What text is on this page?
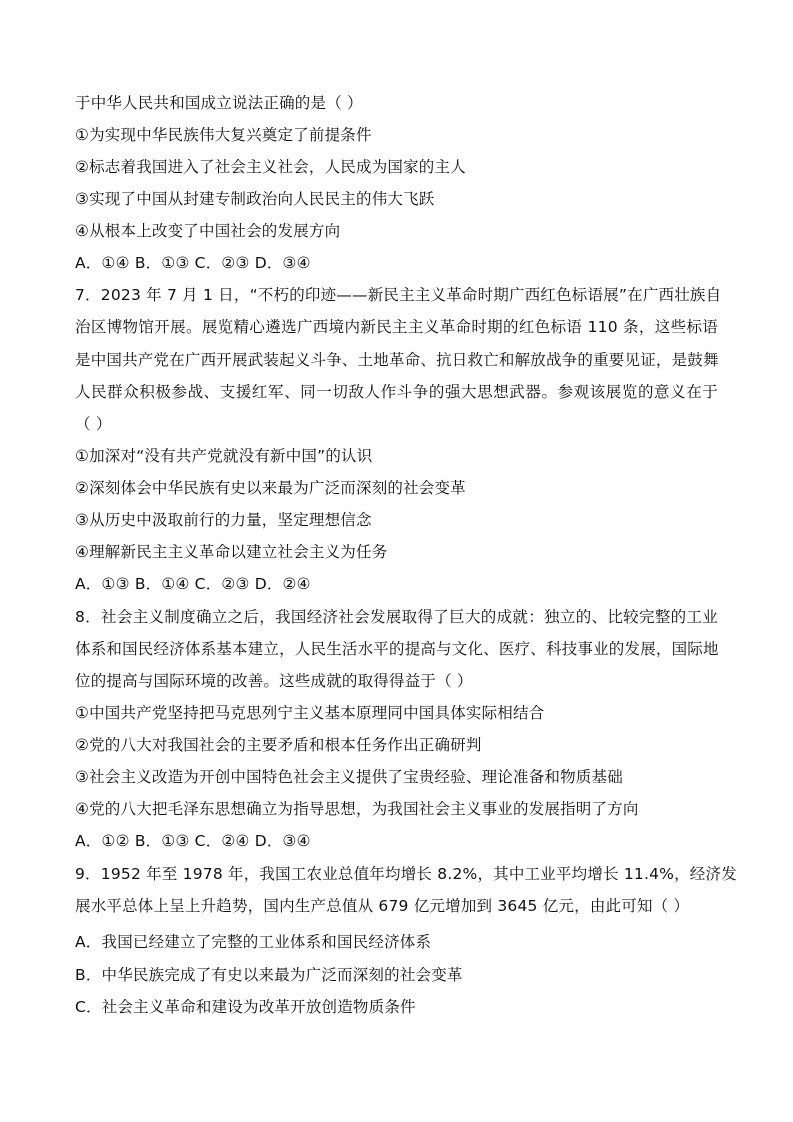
于中华人民共和国成立说法正确的是（ ）
①为实现中华民族伟大复兴奠定了前提条件
②标志着我国进入了社会主义社会，人民成为国家的主人
③实现了中国从封建专制政治向人民民主的伟大飞跃
④从根本上改变了中国社会的发展方向
A．①④ B．①③ C．②③ D．③④
7．2023 年 7 月 1 日，“不朽的印迹——新民主主义革命时期广西红色标语展”在广西壮族自
治区博物馆开展。展览精心遴选广西境内新民主主义革命时期的红色标语 110 条，这些标语
是中国共产党在广西开展武装起义斗争、土地革命、抗日救亡和解放战争的重要见证，是鼓舞
人民群众积极参战、支援红军、同一切敌人作斗争的强大思想武器。参观该展览的意义在于
（ ）
①加深对“没有共产党就没有新中国”的认识
②深刻体会中华民族有史以来最为广泛而深刻的社会变革
③从历史中汲取前行的力量，坚定理想信念
④理解新民主主义革命以建立社会主义为任务
A．①③ B．①④ C．②③ D．②④
8．社会主义制度确立之后，我国经济社会发展取得了巨大的成就：独立的、比较完整的工业
体系和国民经济体系基本建立，人民生活水平的提高与文化、医疗、科技事业的发展，国际地
位的提高与国际环境的改善。这些成就的取得得益于（ ）
①中国共产党坚持把马克思列宁主义基本原理同中国具体实际相结合
②党的八大对我国社会的主要矛盾和根本任务作出正确研判
③社会主义改造为开创中国特色社会主义提供了宝贵经验、理论准备和物质基础
④党的八大把毛泽东思想确立为指导思想，为我国社会主义事业的发展指明了方向
A．①② B．①③ C．②④ D．③④
9．1952 年至 1978 年，我国工农业总值年均增长 8.2%，其中工业平均增长 11.4%，经济发
展水平总体上呈上升趋势，国内生产总值从 679 亿元增加到 3645 亿元，由此可知（ ）
A．我国已经建立了完整的工业体系和国民经济体系
B．中华民族完成了有史以来最为广泛而深刻的社会变革
C．社会主义革命和建设为改革开放创造物质条件
